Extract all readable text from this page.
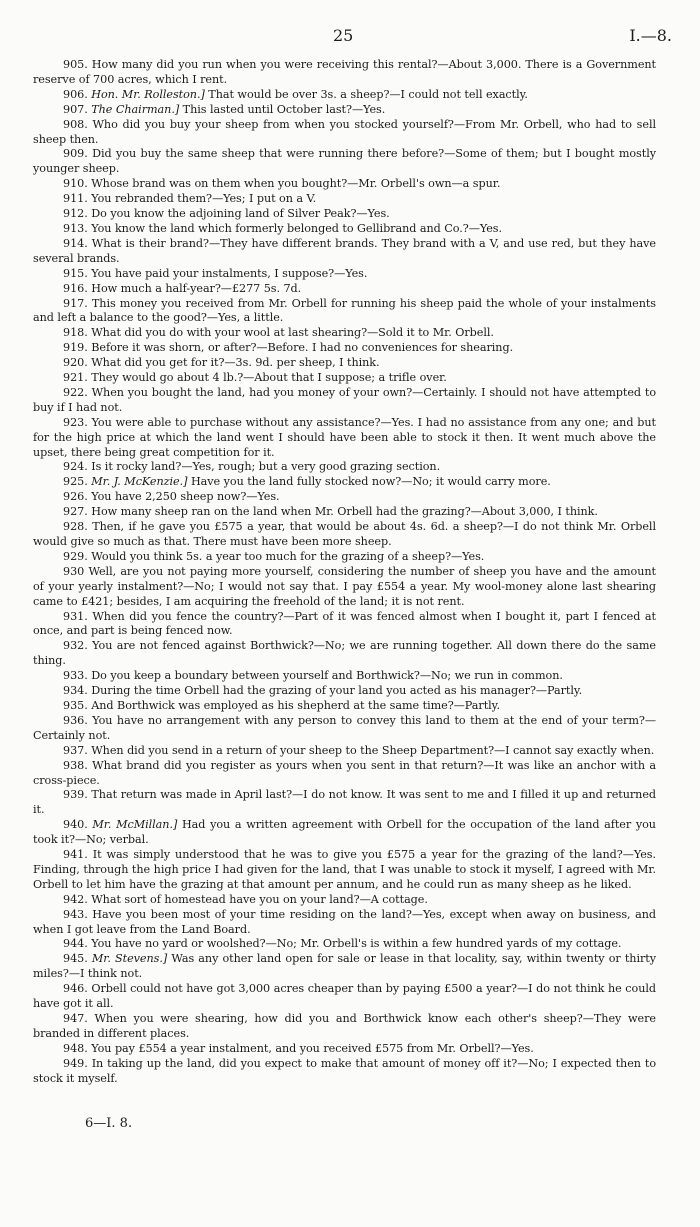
25	I.—8.

905. How many did you run when you were receiving this rental?—About 3,000. There is a Government reserve of 700 acres, which I rent.

906. Hon. Mr. Rolleston.] That would be over 3s. a sheep?—I could not tell exactly.

907. The Chairman.] This lasted until October last?—Yes.

908. Who did you buy your sheep from when you stocked yourself?—From Mr. Orbell, who had to sell sheep then.

909. Did you buy the same sheep that were running there before?—Some of them; but I bought mostly younger sheep.

910. Whose brand was on them when you bought?—Mr. Orbell's own—a spur.

911. You rebranded them?—Yes; I put on a V.

912. Do you know the adjoining land of Silver Peak?—Yes.

913. You know the land which formerly belonged to Gellibrand and Co.?—Yes.

914. What is their brand?—They have different brands. They brand with a V, and use red, but they have several brands.

915. You have paid your instalments, I suppose?—Yes.

916. How much a half-year?—£277 5s. 7d.

917. This money you received from Mr. Orbell for running his sheep paid the whole of your instalments and left a balance to the good?—Yes, a little.

918. What did you do with your wool at last shearing?—Sold it to Mr. Orbell.

919. Before it was shorn, or after?—Before. I had no conveniences for shearing.

920. What did you get for it?—3s. 9d. per sheep, I think.

921. They would go about 4 lb.?—About that I suppose; a trifle over.

922. When you bought the land, had you money of your own?—Certainly. I should not have attempted to buy if I had not.

923. You were able to purchase without any assistance?—Yes. I had no assistance from any one; and but for the high price at which the land went I should have been able to stock it then. It went much above the upset, there being great competition for it.

924. Is it rocky land?—Yes, rough; but a very good grazing section.

925. Mr. J. McKenzie.] Have you the land fully stocked now?—No; it would carry more.

926. You have 2,250 sheep now?—Yes.

927. How many sheep ran on the land when Mr. Orbell had the grazing?—About 3,000, I think.

928. Then, if he gave you £575 a year, that would be about 4s. 6d. a sheep?—I do not think Mr. Orbell would give so much as that. There must have been more sheep.

929. Would you think 5s. a year too much for the grazing of a sheep?—Yes.

930 Well, are you not paying more yourself, considering the number of sheep you have and the amount of your yearly instalment?—No; I would not say that. I pay £554 a year. My wool-money alone last shearing came to £421; besides, I am acquiring the freehold of the land; it is not rent.

931. When did you fence the country?—Part of it was fenced almost when I bought it, part I fenced at once, and part is being fenced now.

932. You are not fenced against Borthwick?—No; we are running together. All down there do the same thing.

933. Do you keep a boundary between yourself and Borthwick?—No; we run in common.

934. During the time Orbell had the grazing of your land you acted as his manager?—Partly.

935. And Borthwick was employed as his shepherd at the same time?—Partly.

936. You have no arrangement with any person to convey this land to them at the end of your term?—Certainly not.

937. When did you send in a return of your sheep to the Sheep Department?—I cannot say exactly when.

938. What brand did you register as yours when you sent in that return?—It was like an anchor with a cross-piece.

939. That return was made in April last?—I do not know. It was sent to me and I filled it up and returned it.

940. Mr. McMillan.] Had you a written agreement with Orbell for the occupation of the land after you took it?—No; verbal.

941. It was simply understood that he was to give you £575 a year for the grazing of the land?—Yes. Finding, through the high price I had given for the land, that I was unable to stock it myself, I agreed with Mr. Orbell to let him have the grazing at that amount per annum, and he could run as many sheep as he liked.

942. What sort of homestead have you on your land?—A cottage.

943. Have you been most of your time residing on the land?—Yes, except when away on business, and when I got leave from the Land Board.

944. You have no yard or woolshed?—No; Mr. Orbell's is within a few hundred yards of my cottage.

945. Mr. Stevens.] Was any other land open for sale or lease in that locality, say, within twenty or thirty miles?—I think not.

946. Orbell could not have got 3,000 acres cheaper than by paying £500 a year?—I do not think he could have got it all.

947. When you were shearing, how did you and Borthwick know each other's sheep?—They were branded in different places.

948. You pay £554 a year instalment, and you received £575 from Mr. Orbell?—Yes.

949. In taking up the land, did you expect to make that amount of money off it?—No; I expected then to stock it myself.

6—I. 8.
